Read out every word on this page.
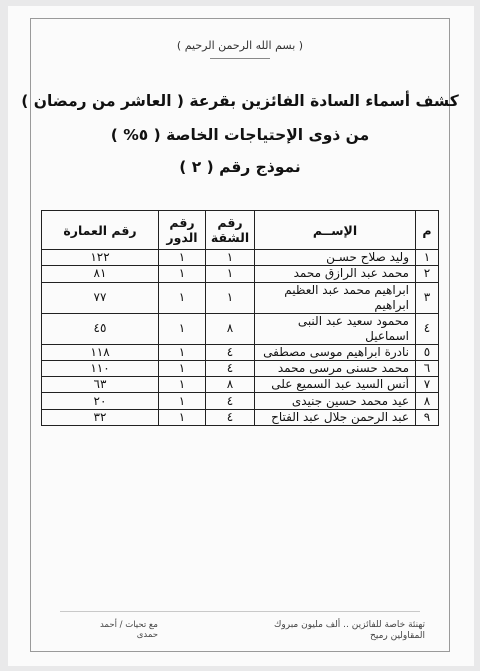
( بسم الله الرحمن الرحيم )
كشف أسماء السادة الفائزين بقرعة ( العاشر من رمضان )
من ذوى الإحتياجات الخاصة ( ٥% )
نموذج رقم ( ٢ )
م	الإســم	رقم الشقة	رقم الدور	رقم العمارة
١	وليد صلاح حسـن	١	١	١٢٢
٢	محمد عبد الرازق محمد	١	١	٨١
٣	ابراهيم محمد عبد العظيم ابراهيم	١	١	٧٧
٤	محمود سعيد عبد النبى اسماعيل	٨	١	٤٥
٥	نادرة ابراهيم موسى مصطفى	٤	١	١١٨
٦	محمد حسنى مرسى محمد	٤	١	١١٠
٧	أنس السيد عبد السميع على	٨	١	٦٣
٨	عيد محمد حسين جنيدى	٤	١	٢٠
٩	عبد الرحمن جلال عبد الفتاح	٤	١	٣٢
تهنئة خاصة للفائزين .. ألف مليون مبروك المقاولين رميح
مع تحيات / أحمد حمدى
